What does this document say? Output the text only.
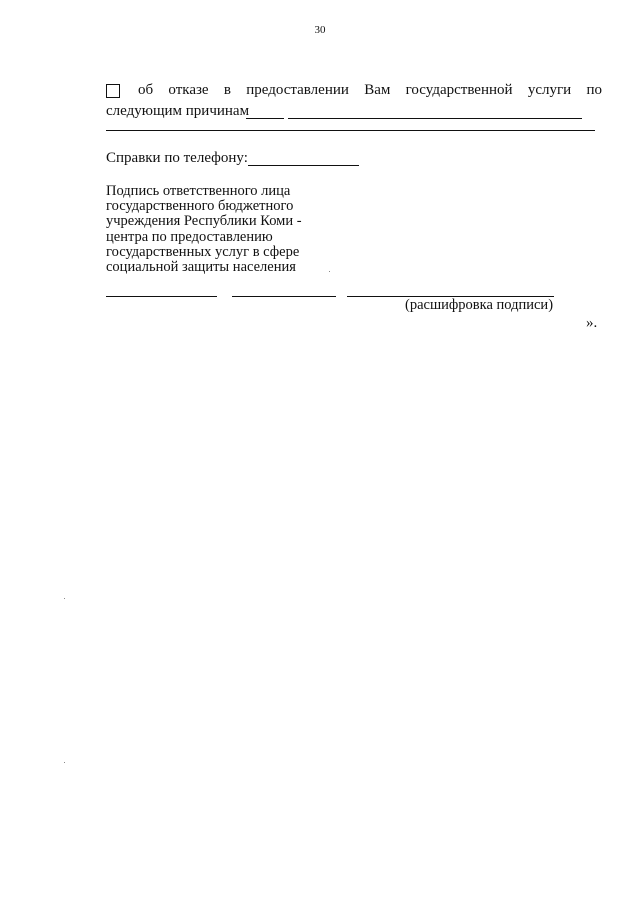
30
об отказе в предоставлении Вам государственной услуги по
следующим причинам
Справки по телефону:
Подпись ответственного лица
государственного бюджетного
учреждения Республики Коми -
центра по предоставлению
государственных услуг в сфере
социальной защиты населения
(расшифровка подписи)
».
